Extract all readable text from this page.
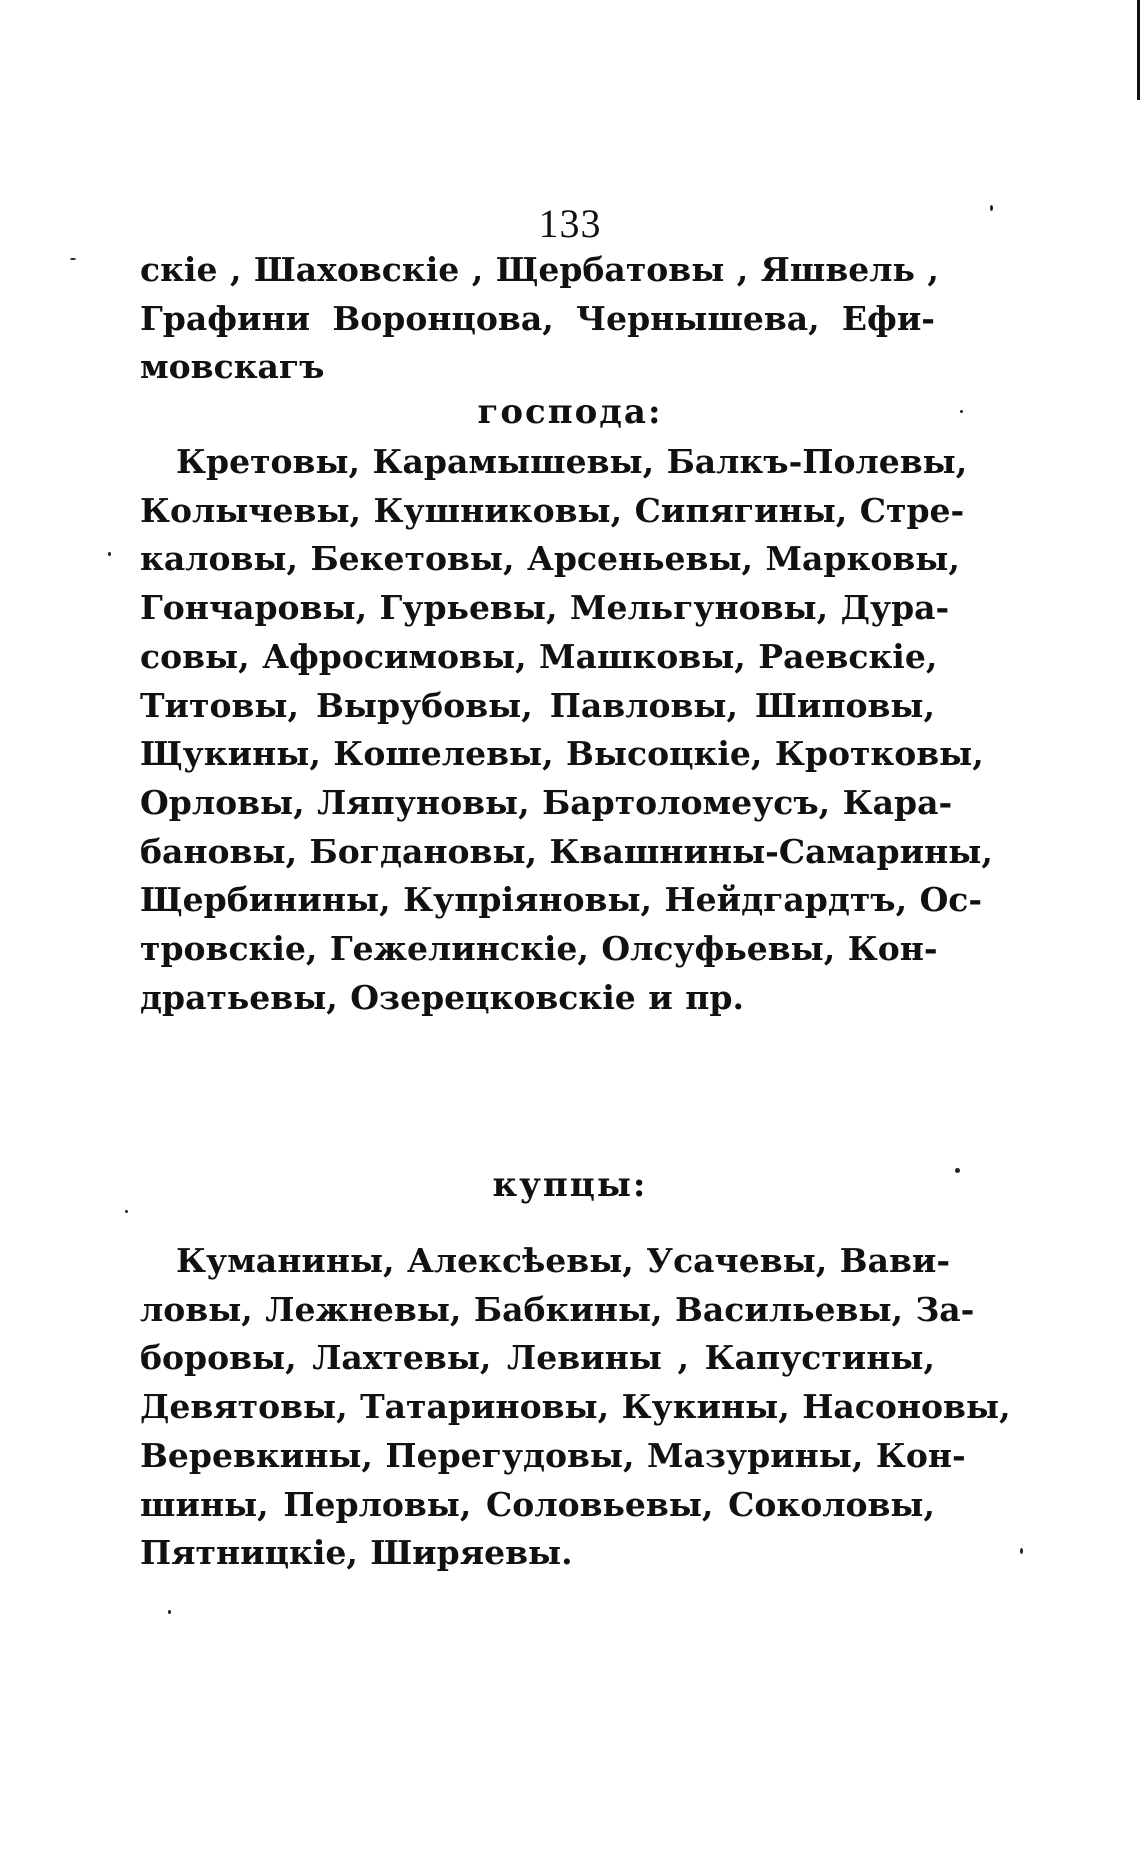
133
скіе , Шаховскіе , Щербатовы , Яшвель ,
Графини Воронцова, Чернышева, Ефи-
мовскагъ
господа:
Кретовы, Карамышевы, Балкъ-Полевы,
Колычевы, Кушниковы, Сипягины, Стре-
каловы, Бекетовы, Арсеньевы, Марковы,
Гончаровы, Гурьевы, Мельгуновы, Дура-
совы, Афросимовы, Машковы, Раевскіе,
Титовы, Вырубовы, Павловы, Шиповы,
Щукины, Кошелевы, Высоцкіе, Кротковы,
Орловы, Ляпуновы, Бартоломеусъ, Кара-
бановы, Богдановы, Квашнины-Самарины,
Щербинины, Купріяновы, Нейдгардтъ, Ос-
тровскіе, Гежелинскіе, Олсуфьевы, Кон-
дратьевы, Озерецковскіе и пр.
купцы:
Куманины, Алексѣевы, Усачевы, Вави-
ловы, Лежневы, Бабкины, Васильевы, За-
боровы, Лахтевы, Левины , Капустины,
Девятовы, Татариновы, Кукины, Насоновы,
Веревкины, Перегудовы, Мазурины, Кон-
шины, Перловы, Соловьевы, Соколовы,
Пятницкіе, Ширяевы.
